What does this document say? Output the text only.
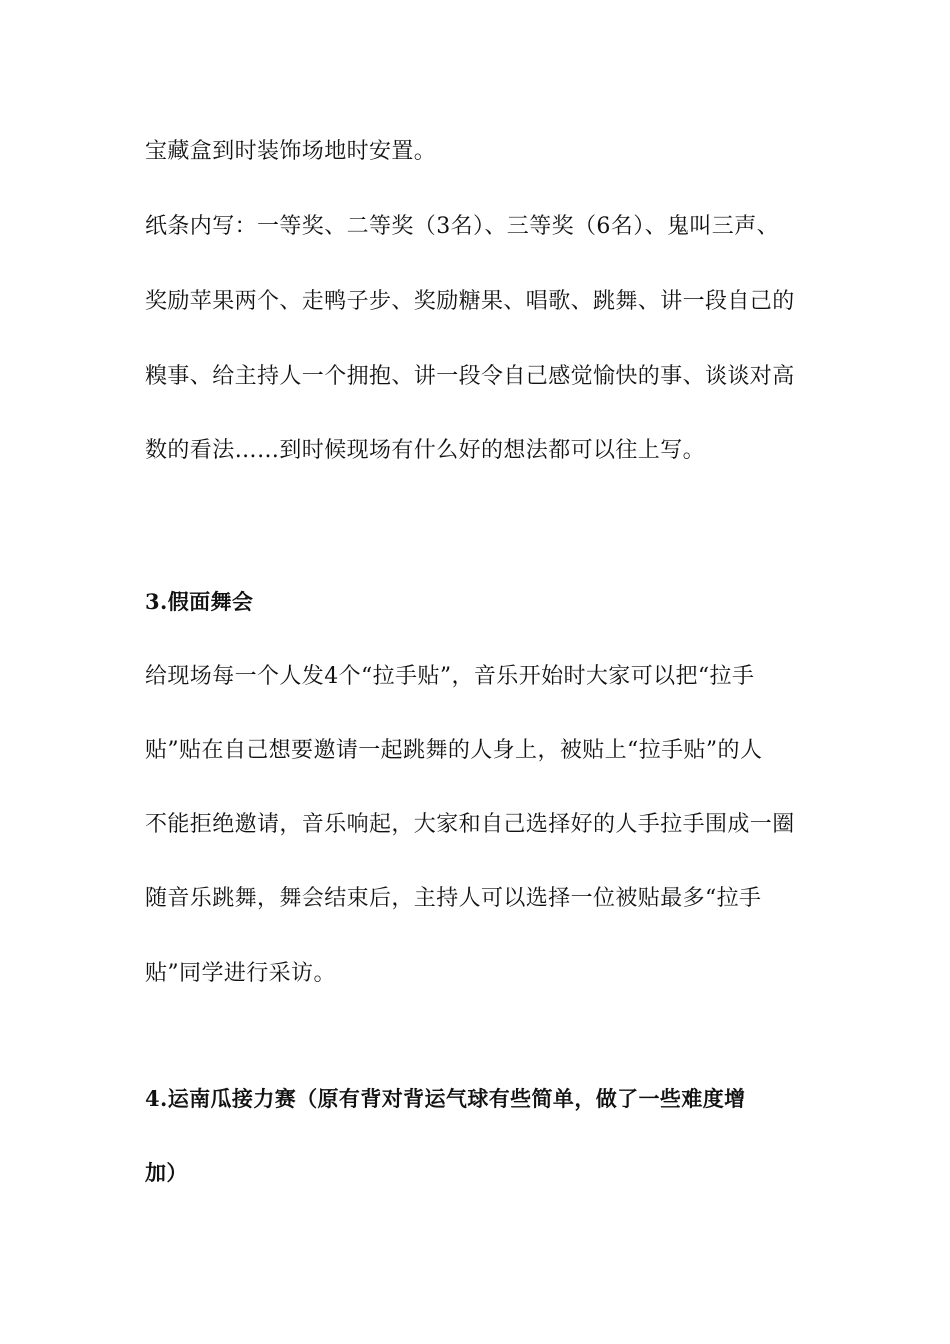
宝藏盒到时装饰场地时安置。
纸条内写：一等奖、二等奖（3名）、三等奖（6名）、鬼叫三声、
奖励苹果两个、走鸭子步、奖励糖果、唱歌、跳舞、讲一段自己的
糗事、给主持人一个拥抱、讲一段令自己感觉愉快的事、谈谈对高
数的看法……到时候现场有什么好的想法都可以往上写。
3.假面舞会
给现场每一个人发4个“拉手贴”，音乐开始时大家可以把“拉手
贴”贴在自己想要邀请一起跳舞的人身上，被贴上“拉手贴”的人
不能拒绝邀请，音乐响起，大家和自己选择好的人手拉手围成一圈
随音乐跳舞，舞会结束后，主持人可以选择一位被贴最多“拉手
贴”同学进行采访。
4.运南瓜接力赛（原有背对背运气球有些简单，做了一些难度增
加）
